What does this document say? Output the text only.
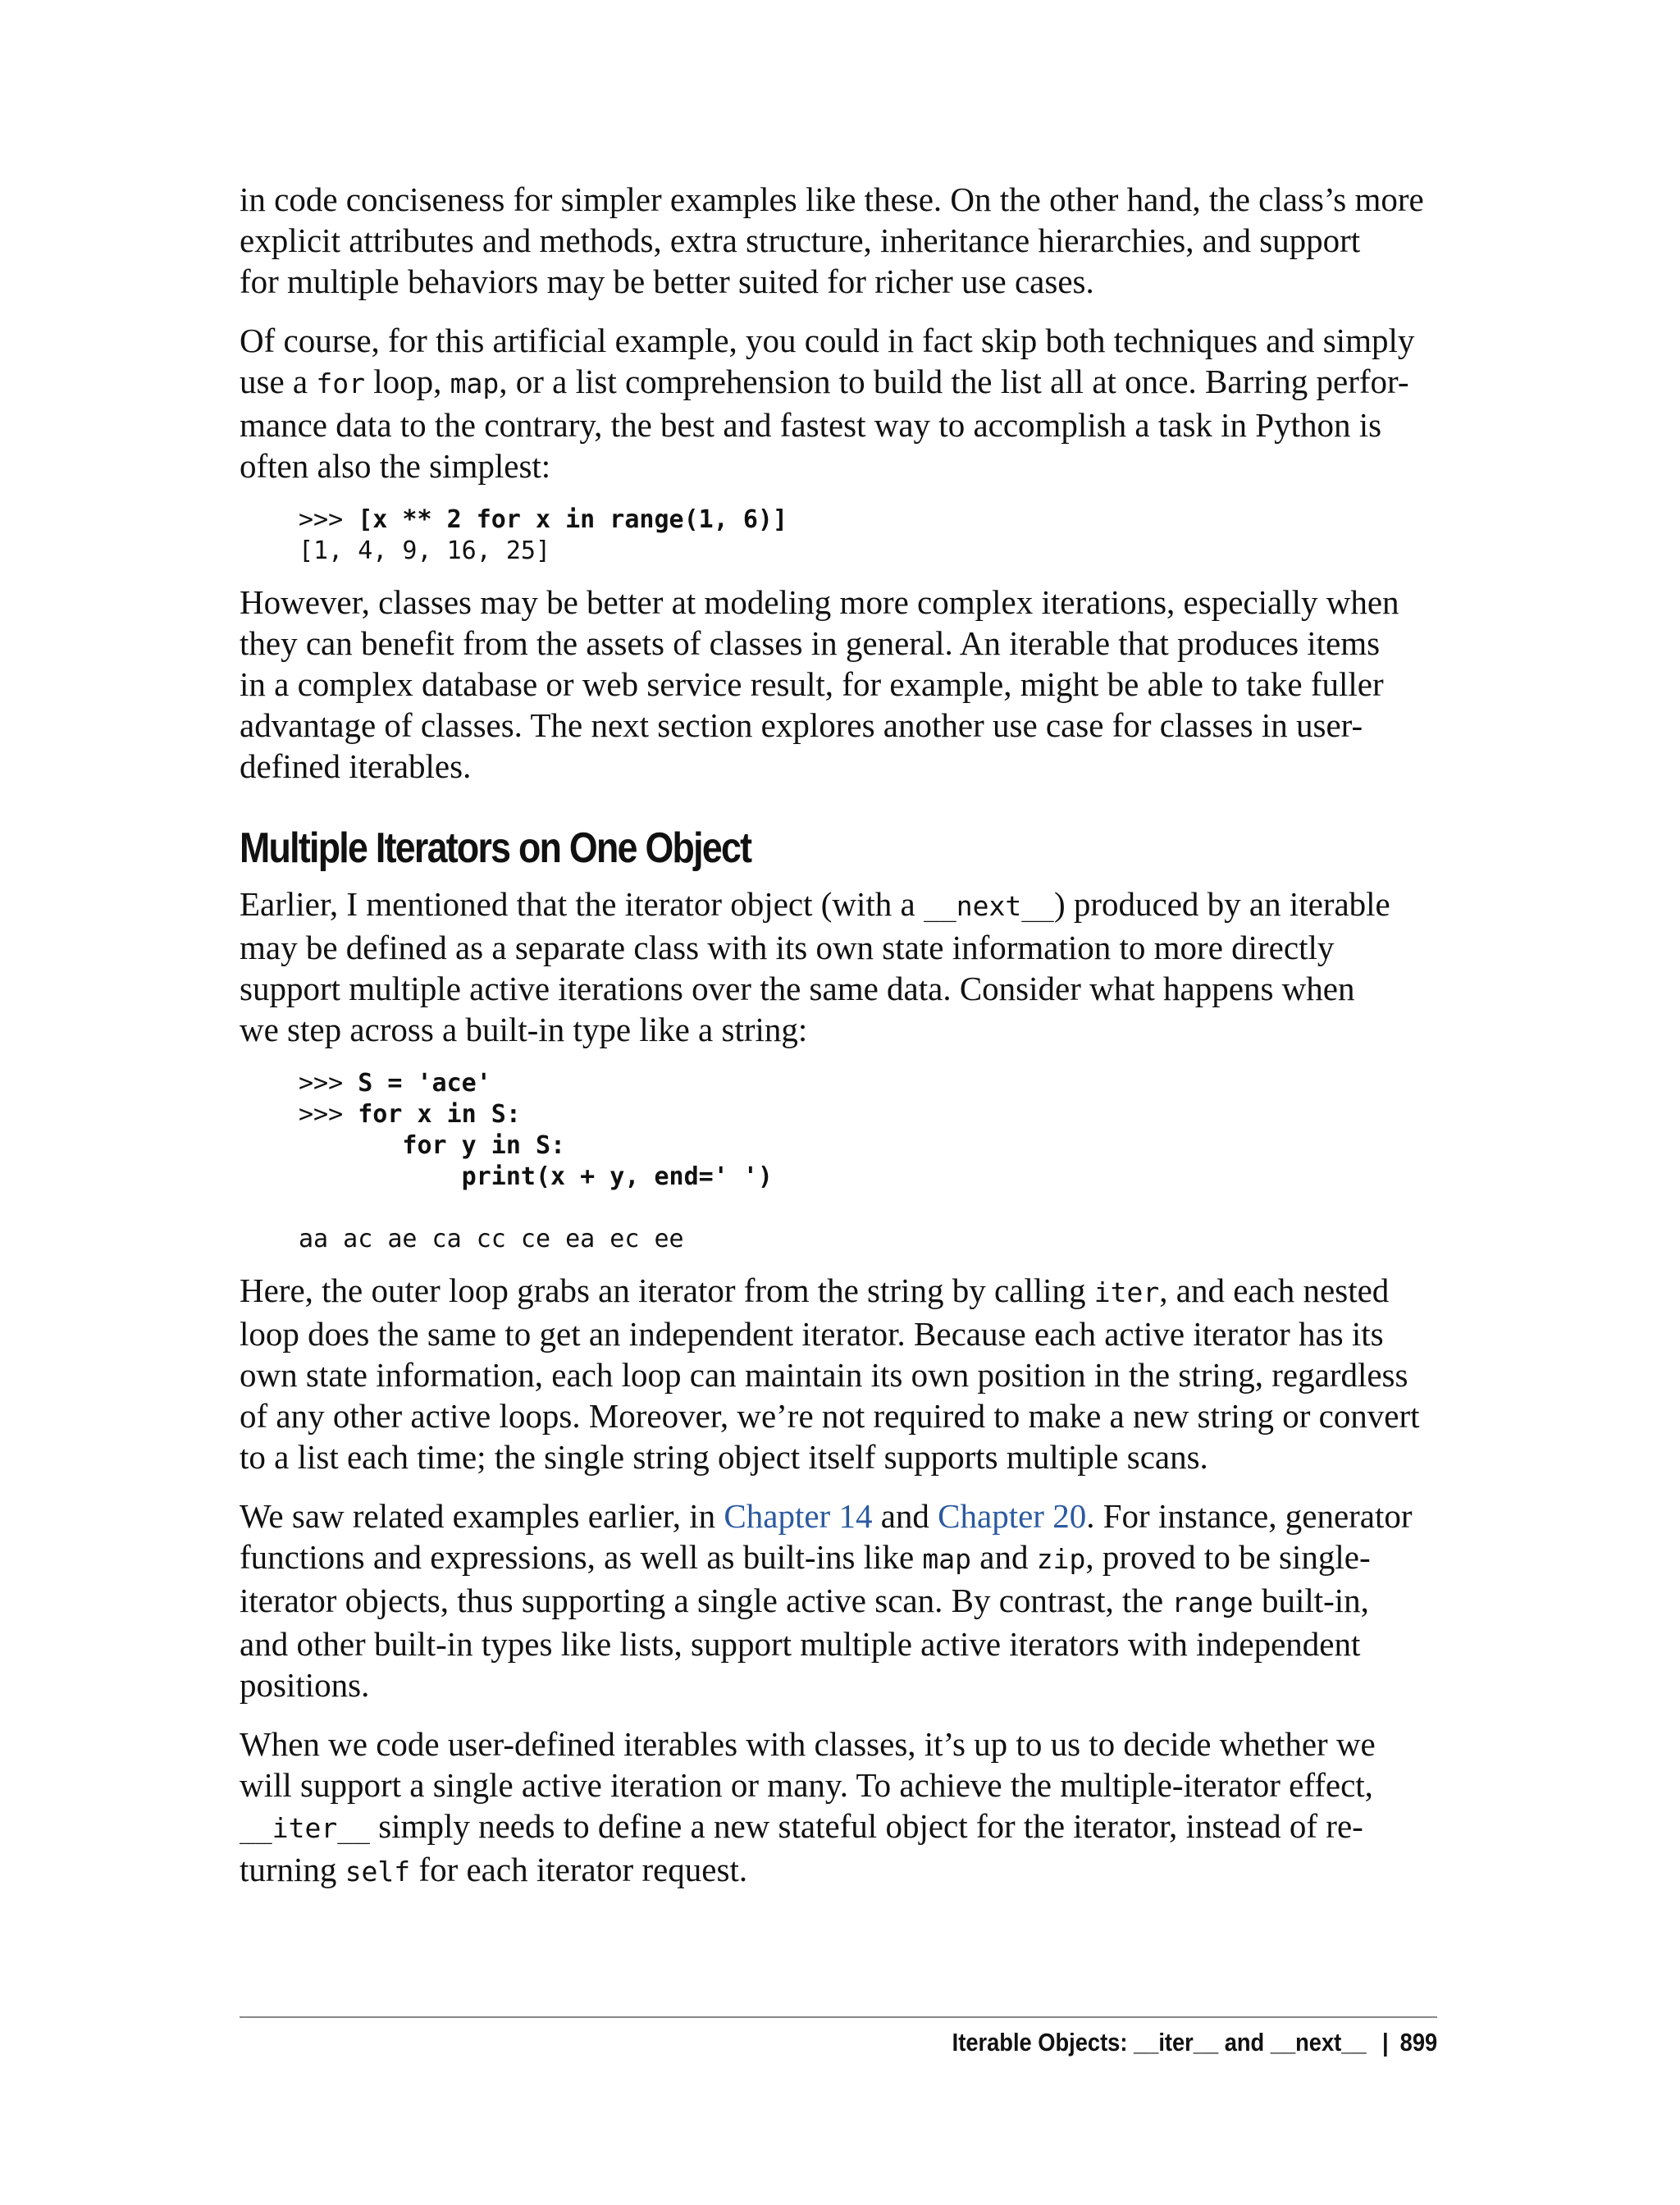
in code conciseness for simpler examples like these. On the other hand, the class’s more
explicit attributes and methods, extra structure, inheritance hierarchies, and support
for multiple behaviors may be better suited for richer use cases.

Of course, for this artificial example, you could in fact skip both techniques and simply
use a for loop, map, or a list comprehension to build the list all at once. Barring perfor-
mance data to the contrary, the best and fastest way to accomplish a task in Python is
often also the simplest:

>>> [x ** 2 for x in range(1, 6)]
[1, 4, 9, 16, 25]

However, classes may be better at modeling more complex iterations, especially when
they can benefit from the assets of classes in general. An iterable that produces items
in a complex database or web service result, for example, might be able to take fuller
advantage of classes. The next section explores another use case for classes in user-
defined iterables.

Multiple Iterators on One Object

Earlier, I mentioned that the iterator object (with a __next__) produced by an iterable
may be defined as a separate class with its own state information to more directly
support multiple active iterations over the same data. Consider what happens when
we step across a built-in type like a string:

>>> S = 'ace'
>>> for x in S:
for y in S:
print(x + y, end=' ')

aa ac ae ca cc ce ea ec ee

Here, the outer loop grabs an iterator from the string by calling iter, and each nested
loop does the same to get an independent iterator. Because each active iterator has its
own state information, each loop can maintain its own position in the string, regardless
of any other active loops. Moreover, we’re not required to make a new string or convert
to a list each time; the single string object itself supports multiple scans.

We saw related examples earlier, in Chapter 14 and Chapter 20. For instance, generator
functions and expressions, as well as built-ins like map and zip, proved to be single-
iterator objects, thus supporting a single active scan. By contrast, the range built-in,
and other built-in types like lists, support multiple active iterators with independent
positions.

When we code user-defined iterables with classes, it’s up to us to decide whether we
will support a single active iteration or many. To achieve the multiple-iterator effect,
__iter__ simply needs to define a new stateful object for the iterator, instead of re-
turning self for each iterator request.

Iterable Objects: __iter__ and __next__ | 899
